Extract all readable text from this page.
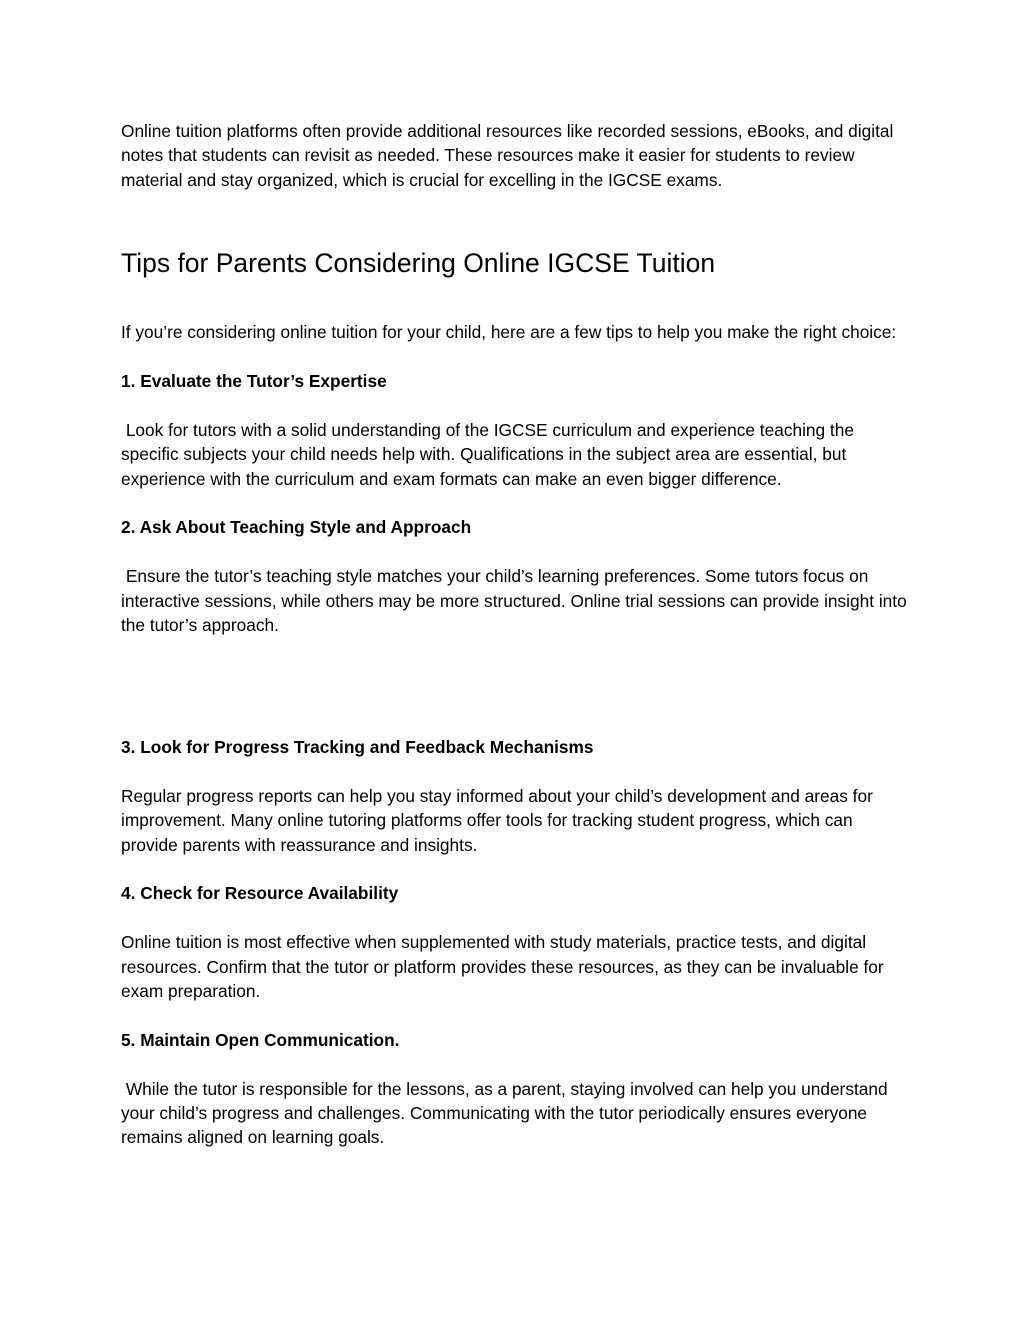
Online tuition platforms often provide additional resources like recorded sessions, eBooks, and digital notes that students can revisit as needed. These resources make it easier for students to review material and stay organized, which is crucial for excelling in the IGCSE exams.

Tips for Parents Considering Online IGCSE Tuition

If you’re considering online tuition for your child, here are a few tips to help you make the right choice:

1. Evaluate the Tutor’s Expertise

Look for tutors with a solid understanding of the IGCSE curriculum and experience teaching the specific subjects your child needs help with. Qualifications in the subject area are essential, but experience with the curriculum and exam formats can make an even bigger difference.

2. Ask About Teaching Style and Approach

Ensure the tutor’s teaching style matches your child’s learning preferences. Some tutors focus on interactive sessions, while others may be more structured. Online trial sessions can provide insight into the tutor’s approach.

3. Look for Progress Tracking and Feedback Mechanisms

Regular progress reports can help you stay informed about your child’s development and areas for improvement. Many online tutoring platforms offer tools for tracking student progress, which can provide parents with reassurance and insights.

4. Check for Resource Availability

Online tuition is most effective when supplemented with study materials, practice tests, and digital resources. Confirm that the tutor or platform provides these resources, as they can be invaluable for exam preparation.

5. Maintain Open Communication.

While the tutor is responsible for the lessons, as a parent, staying involved can help you understand your child’s progress and challenges. Communicating with the tutor periodically ensures everyone remains aligned on learning goals.
